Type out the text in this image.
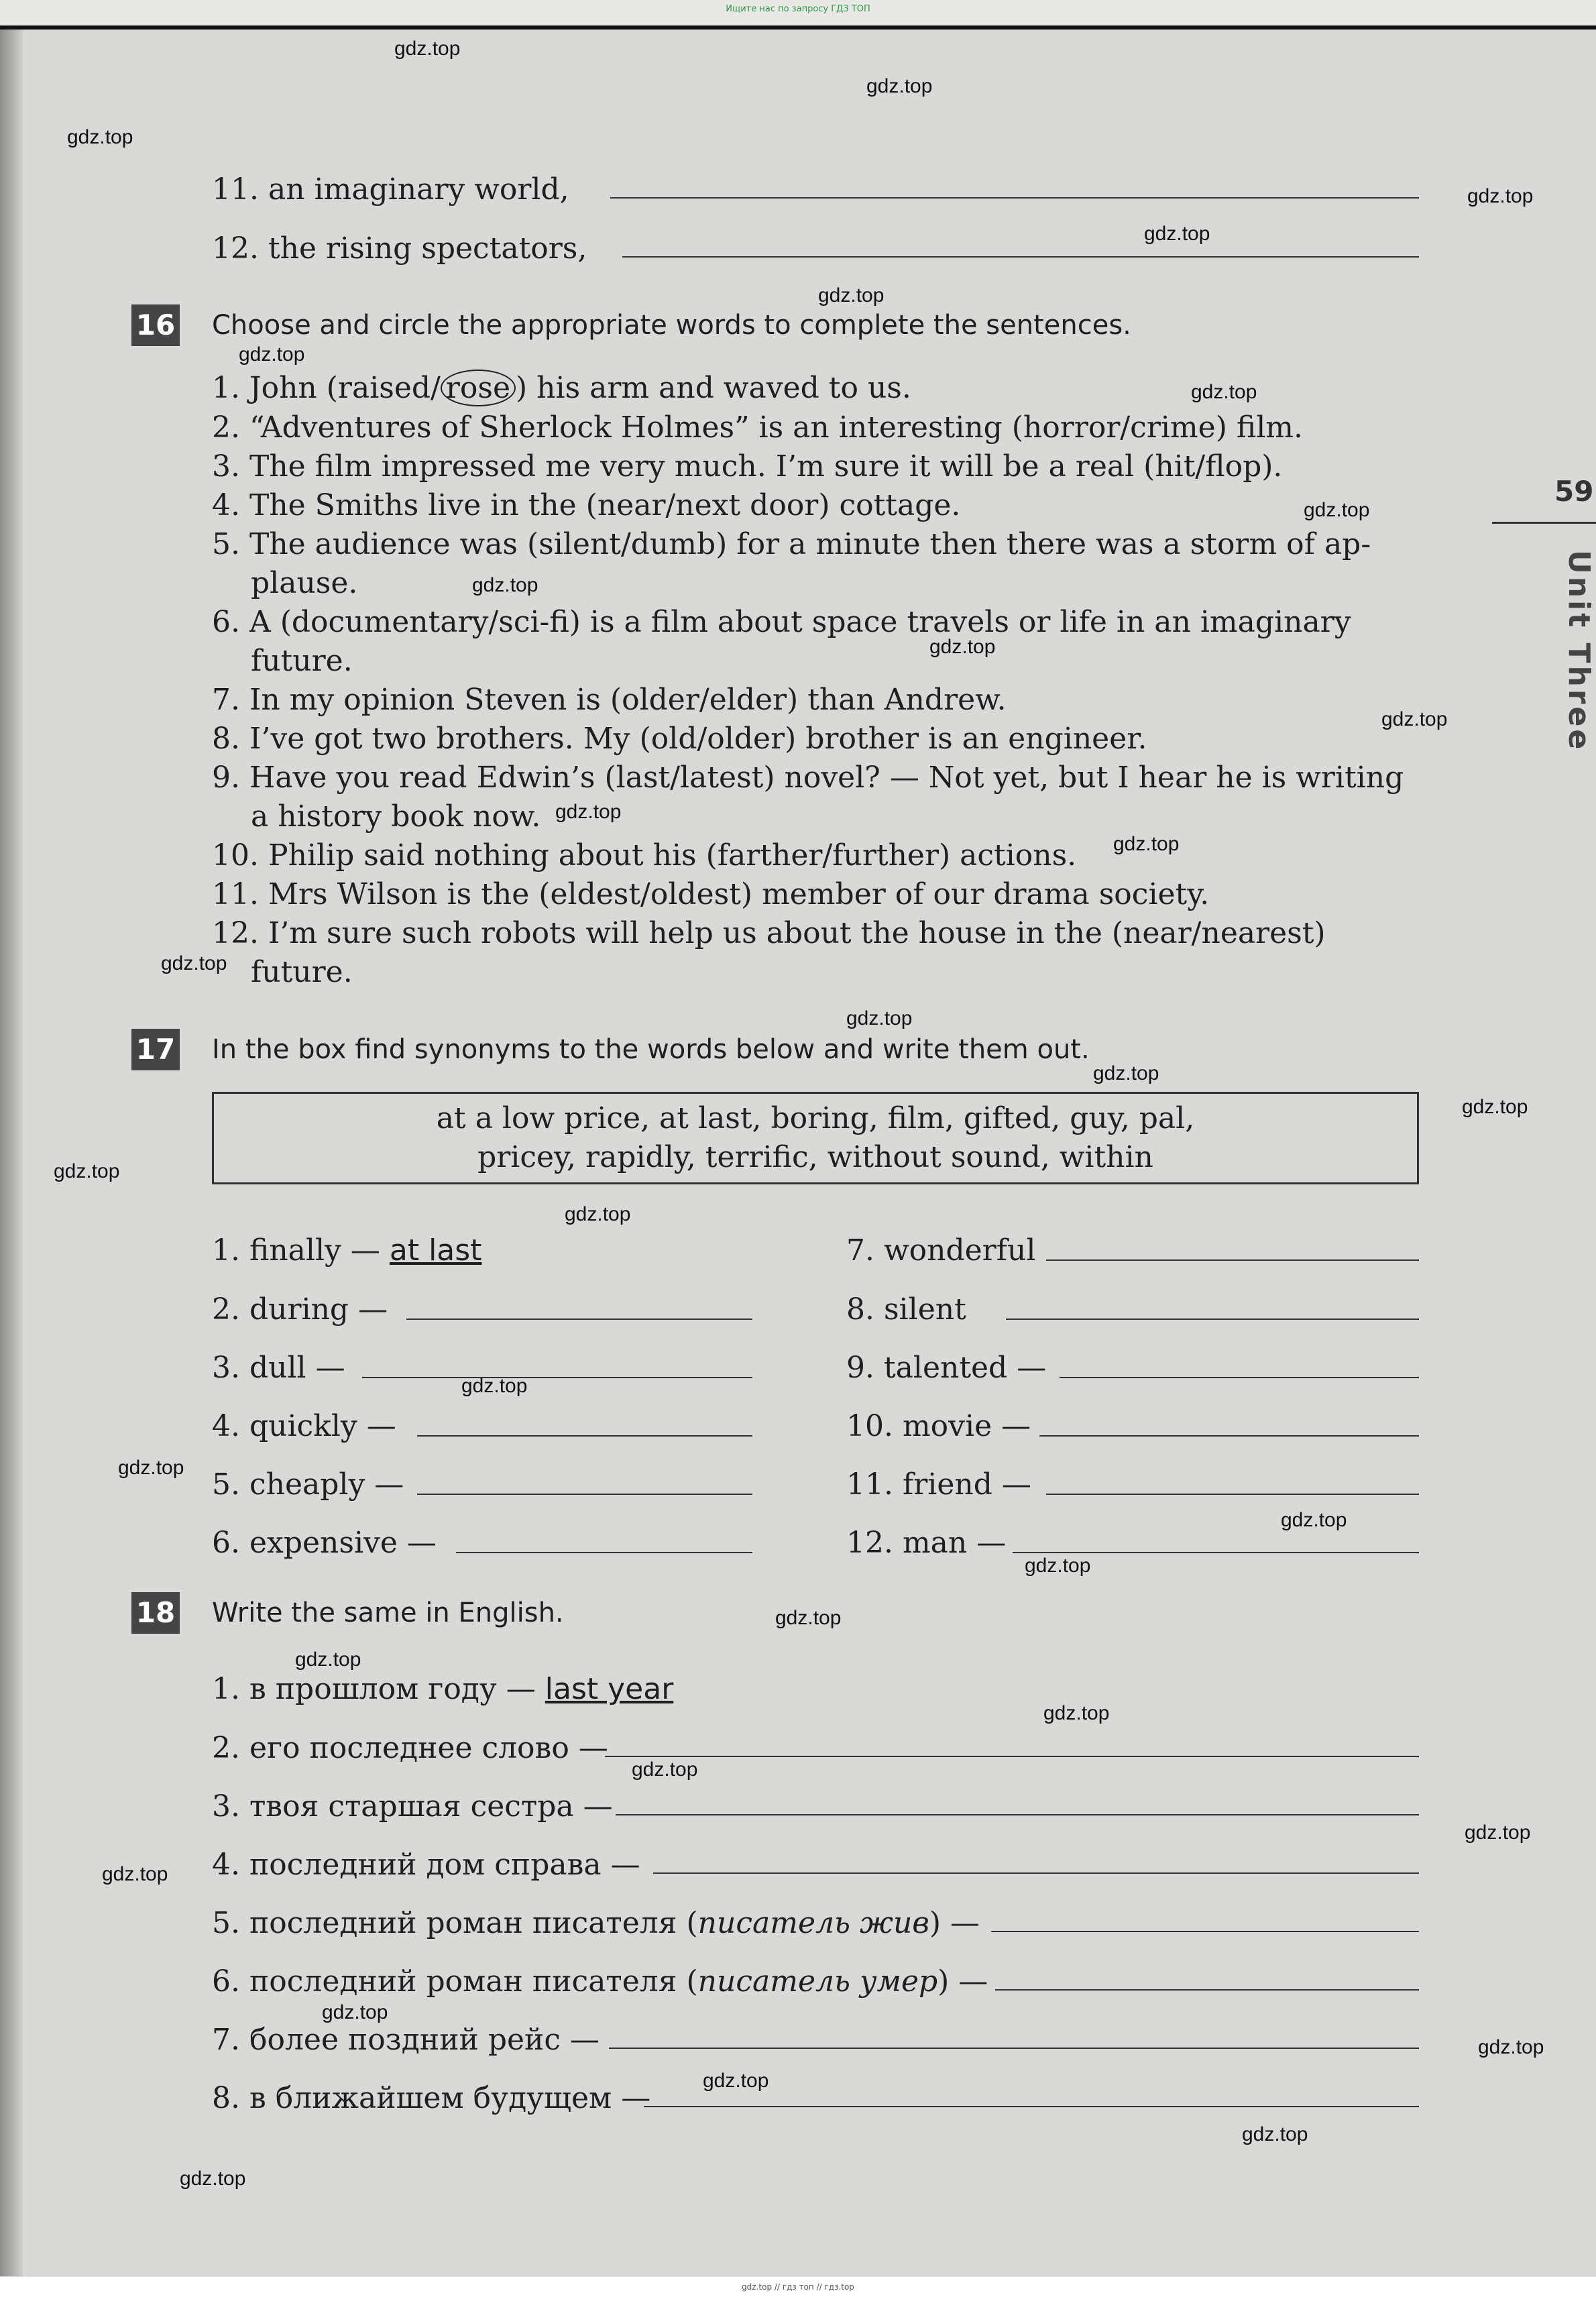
Ищите нас по запросу ГДЗ ТОП
59
Unit Three
11. an imaginary world,
12. the rising spectators,
16 Choose and circle the appropriate words to complete the sentences.
1. John (raised/ rose ) his arm and waved to us.
2. “Adventures of Sherlock Holmes” is an interesting (horror/crime) film.
3. The film impressed me very much. I’m sure it will be a real (hit/flop).
4. The Smiths live in the (near/next door) cottage.
5. The audience was (silent/dumb) for a minute then there was a storm of ap-
plause.
6. A (documentary/sci-fi) is a film about space travels or life in an imaginary
future.
7. In my opinion Steven is (older/elder) than Andrew.
8. I’ve got two brothers. My (old/older) brother is an engineer.
9. Have you read Edwin’s (last/latest) novel? — Not yet, but I hear he is writing
a history book now.
10. Philip said nothing about his (farther/further) actions.
11. Mrs Wilson is the (eldest/oldest) member of our drama society.
12. I’m sure such robots will help us about the house in the (near/nearest)
future.
17 In the box find synonyms to the words below and write them out.
at a low price, at last, boring, film, gifted, guy, pal,
pricey, rapidly, terrific, without sound, within
1. finally — at last
2. during —
3. dull —
4. quickly —
5. cheaply —
6. expensive —
7. wonderful
8. silent
9. talented —
10. movie —
11. friend —
12. man —
18 Write the same in English.
1. в прошлом году — last year
2. его последнее слово —
3. твоя старшая сестра —
4. последний дом справа —
5. последний роман писателя (писатель жив) —
6. последний роман писателя (писатель умер) —
7. более поздний рейс —
8. в ближайшем будущем —
gdz.top
gdz.top
gdz.top
gdz.top
gdz.top
gdz.top
gdz.top
gdz.top
gdz.top
gdz.top
gdz.top
gdz.top
gdz.top
gdz.top
gdz.top
gdz.top
gdz.top
gdz.top
gdz.top
gdz.top
gdz.top
gdz.top
gdz.top
gdz.top
gdz.top
gdz.top
gdz.top
gdz.top
gdz.top
gdz.top
gdz.top
gdz.top
gdz.top
gdz.top
gdz.top
gdz.top // гдз топ // гдз.top
